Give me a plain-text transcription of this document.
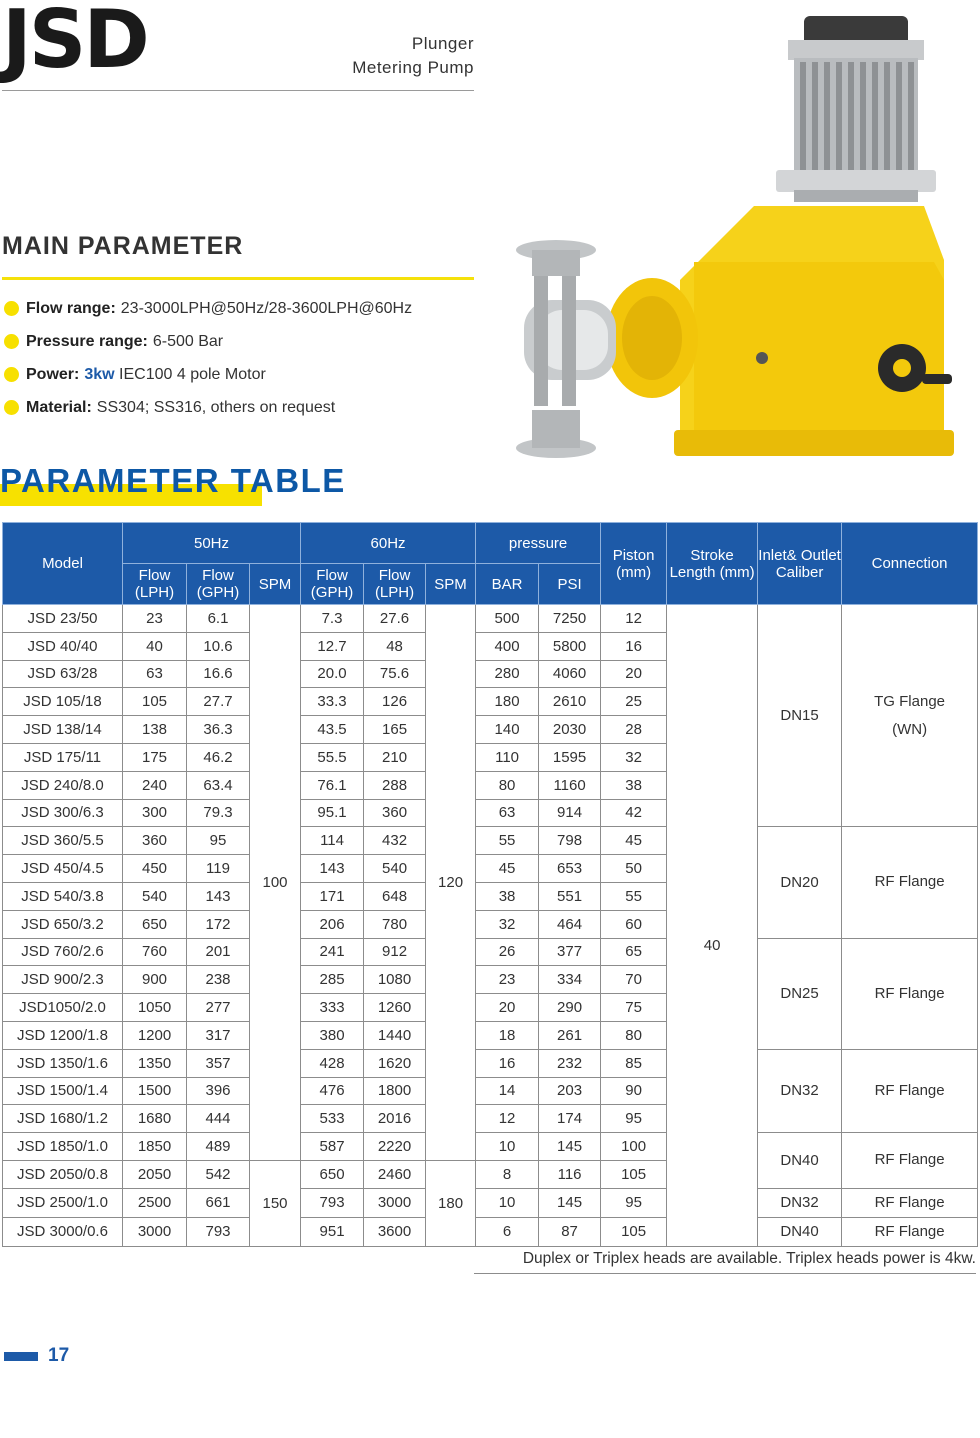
JSD	Plunger
Metering Pump
MAIN PARAMETER
Flow range: 23-3000LPH@50Hz/28-3600LPH@60Hz
Pressure range: 6-500 Bar
Power: 3kw
IEC100 4 pole Motor
Material: SS304; SS316, others on request
PARAMETER TABLE
Model	50Hz			60Hz			pressure		Piston (mm)	Stroke Length (mm)	Inlet& Outlet Caliber	Connection
	Flow (LPH)	Flow (GPH)	SPM	Flow (GPH)	Flow (LPH)	SPM	BAR	PSI				
JSD 23/50	23	6.1	100	7.3	27.6	120	500	7250	12	40	DN15	TG Flange
(WN)

JSD 40/40	40	10.6		12.7	48		400	5800	16			
JSD 63/28	63	16.6		20.0	75.6		280	4060	20			
JSD 105/18	105	27.7		33.3	126		180	2610	25			
JSD 138/14	138	36.3		43.5	165		140	2030	28			
JSD 175/11	175	46.2		55.5	210		110	1595	32			
JSD 240/8.0	240	63.4		76.1	288		80	1160	38			
JSD 300/6.3	300	79.3		95.1	360		63	914	42			
JSD 360/5.5	360	95		114	432		55	798	45		DN20	RF Flange

JSD 450/4.5	450	119		143	540		45	653	50			
JSD 540/3.8	540	143		171	648		38	551	55			
JSD 650/3.2	650	172		206	780		32	464	60			
JSD 760/2.6	760	201		241	912		26	377	65		DN25	RF Flange

JSD 900/2.3	900	238		285	1080		23	334	70			
JSD1050/2.0	1050	277		333	1260		20	290	75			
JSD 1200/1.8	1200	317		380	1440		18	261	80			
JSD 1350/1.6	1350	357		428	1620		16	232	85		DN32	RF Flange

JSD 1500/1.4	1500	396		476	1800		14	203	90			
JSD 1680/1.2	1680	444		533	2016		12	174	95			
JSD 1850/1.0	1850	489		587	2220		10	145	100		DN40	RF Flange

JSD 2050/0.8	2050	542	150	650	2460	180	8	116	105			
JSD 2500/1.0	2500	661		793	3000		10	145	95		DN32	RF Flange

JSD 3000/0.6	3000	793		951	3600		6	87	105		DN40	RF Flange
Duplex or Triplex heads are available. Triplex heads power is 4kw.
17
